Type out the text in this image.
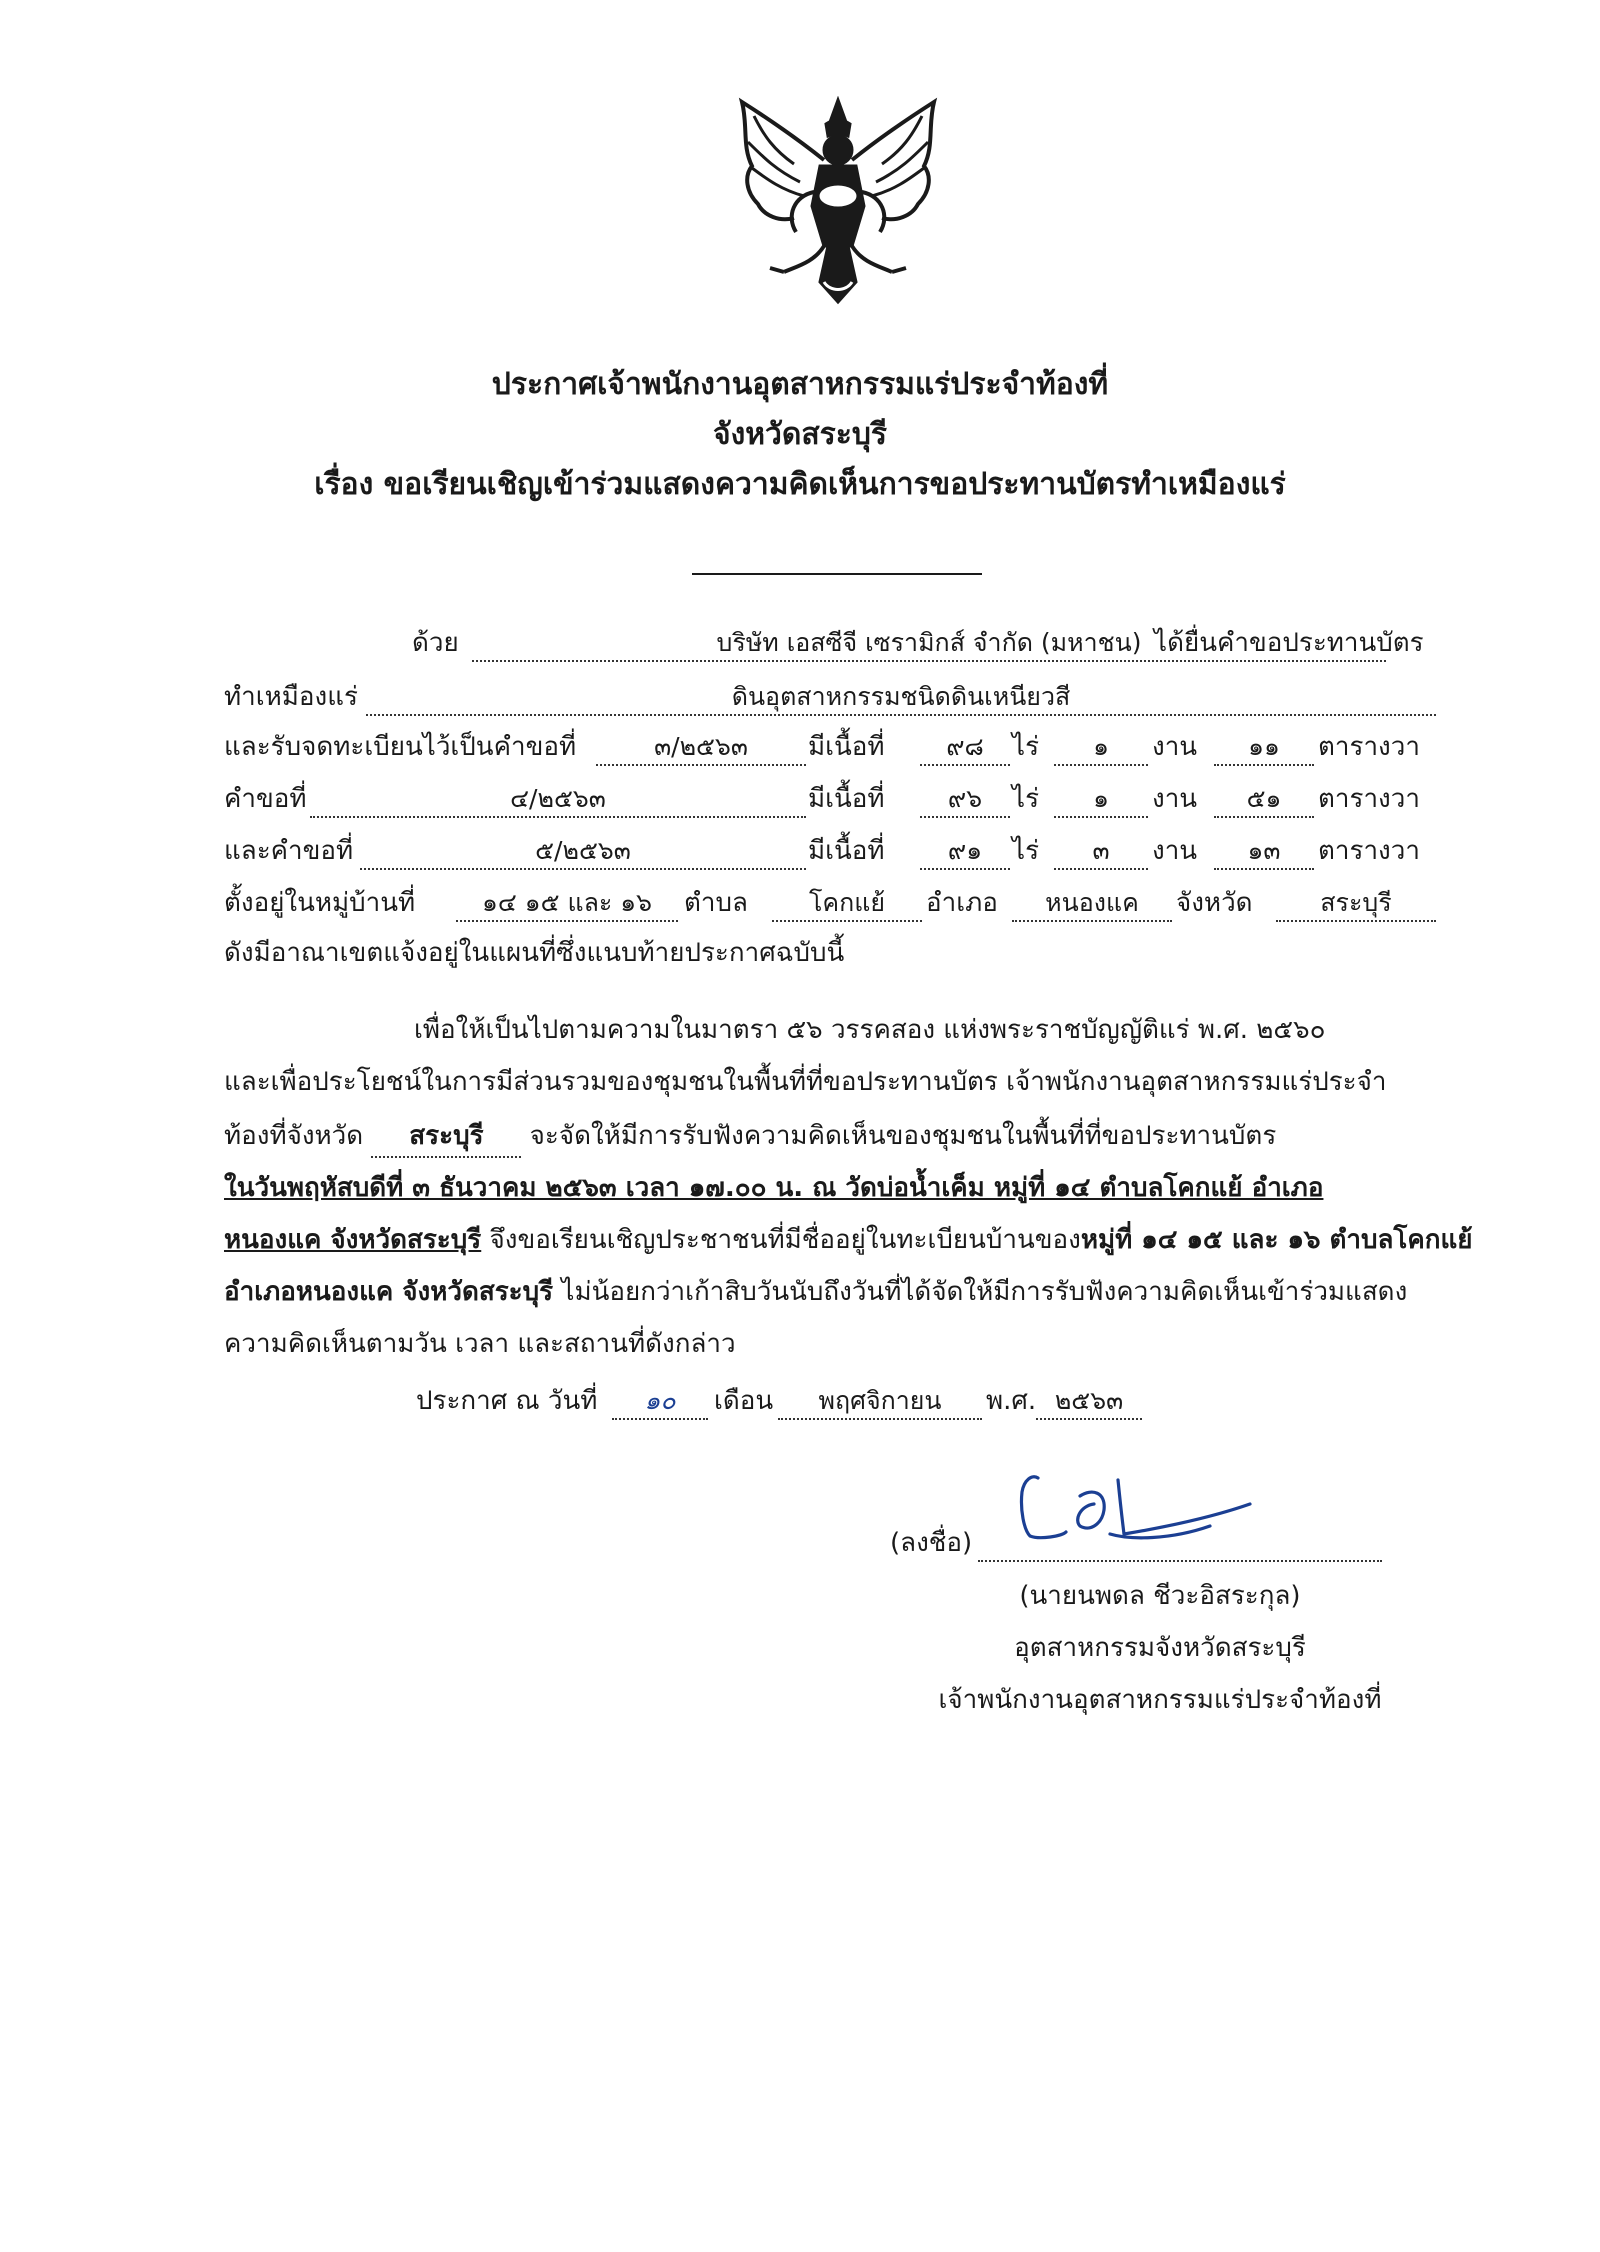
ประกาศเจ้าพนักงานอุตสาหกรรมแร่ประจำท้องที่
จังหวัดสระบุรี
เรื่อง ขอเรียนเชิญเข้าร่วมแสดงความคิดเห็นการขอประทานบัตรทำเหมืองแร่
ด้วย	บริษัท เอสซีจี เซรามิกส์ จำกัด (มหาชน) ได้ยื่นคำขอประทานบัตร
ทำเหมืองแร่	ดินอุตสาหกรรมชนิดดินเหนียวสี
และรับจดทะเบียนไว้เป็นคำขอที่	๓/๒๕๖๓	มีเนื้อที่	๙๘	ไร่	๑	งาน	๑๑	ตารางวา
คำขอที่	๔/๒๕๖๓	มีเนื้อที่	๙๖	ไร่	๑	งาน	๕๑	ตารางวา
และคำขอที่	๕/๒๕๖๓	มีเนื้อที่	๙๑	ไร่	๓	งาน	๑๓	ตารางวา
ตั้งอยู่ในหมู่บ้านที่	๑๔ ๑๕ และ ๑๖	ตำบล	โคกแย้	อำเภอ	หนองแค	จังหวัด	สระบุรี
ดังมีอาณาเขตแจ้งอยู่ในแผนที่ซึ่งแนบท้ายประกาศฉบับนี้
เพื่อให้เป็นไปตามความในมาตรา ๕๖ วรรคสอง แห่งพระราชบัญญัติแร่ พ.ศ. ๒๕๖๐
และเพื่อประโยชน์ในการมีส่วนรวมของชุมชนในพื้นที่ที่ขอประทานบัตร เจ้าพนักงานอุตสาหกรรมแร่ประจำ
ท้องที่จังหวัด สระบุรี จะจัดให้มีการรับฟังความคิดเห็นของชุมชนในพื้นที่ที่ขอประทานบัตร
ในวันพฤหัสบดีที่ ๓ ธันวาคม ๒๕๖๓ เวลา ๑๗.๐๐ น. ณ วัดบ่อน้ำเค็ม หมู่ที่ ๑๔ ตำบลโคกแย้ อำเภอ
หนองแค จังหวัดสระบุรี จึงขอเรียนเชิญประชาชนที่มีชื่ออยู่ในทะเบียนบ้านของหมู่ที่ ๑๔ ๑๕ และ ๑๖ ตำบลโคกแย้
อำเภอหนองแค จังหวัดสระบุรี ไม่น้อยกว่าเก้าสิบวันนับถึงวันที่ได้จัดให้มีการรับฟังความคิดเห็นเข้าร่วมแสดง
ความคิดเห็นตามวัน เวลา และสถานที่ดังกล่าว
ประกาศ ณ วันที่	๑๐	เดือน	พฤศจิกายน	พ.ศ. ๒๕๖๓
(ลงชื่อ)
(นายนพดล ชีวะอิสระกุล)
อุตสาหกรรมจังหวัดสระบุรี
เจ้าพนักงานอุตสาหกรรมแร่ประจำท้องที่
